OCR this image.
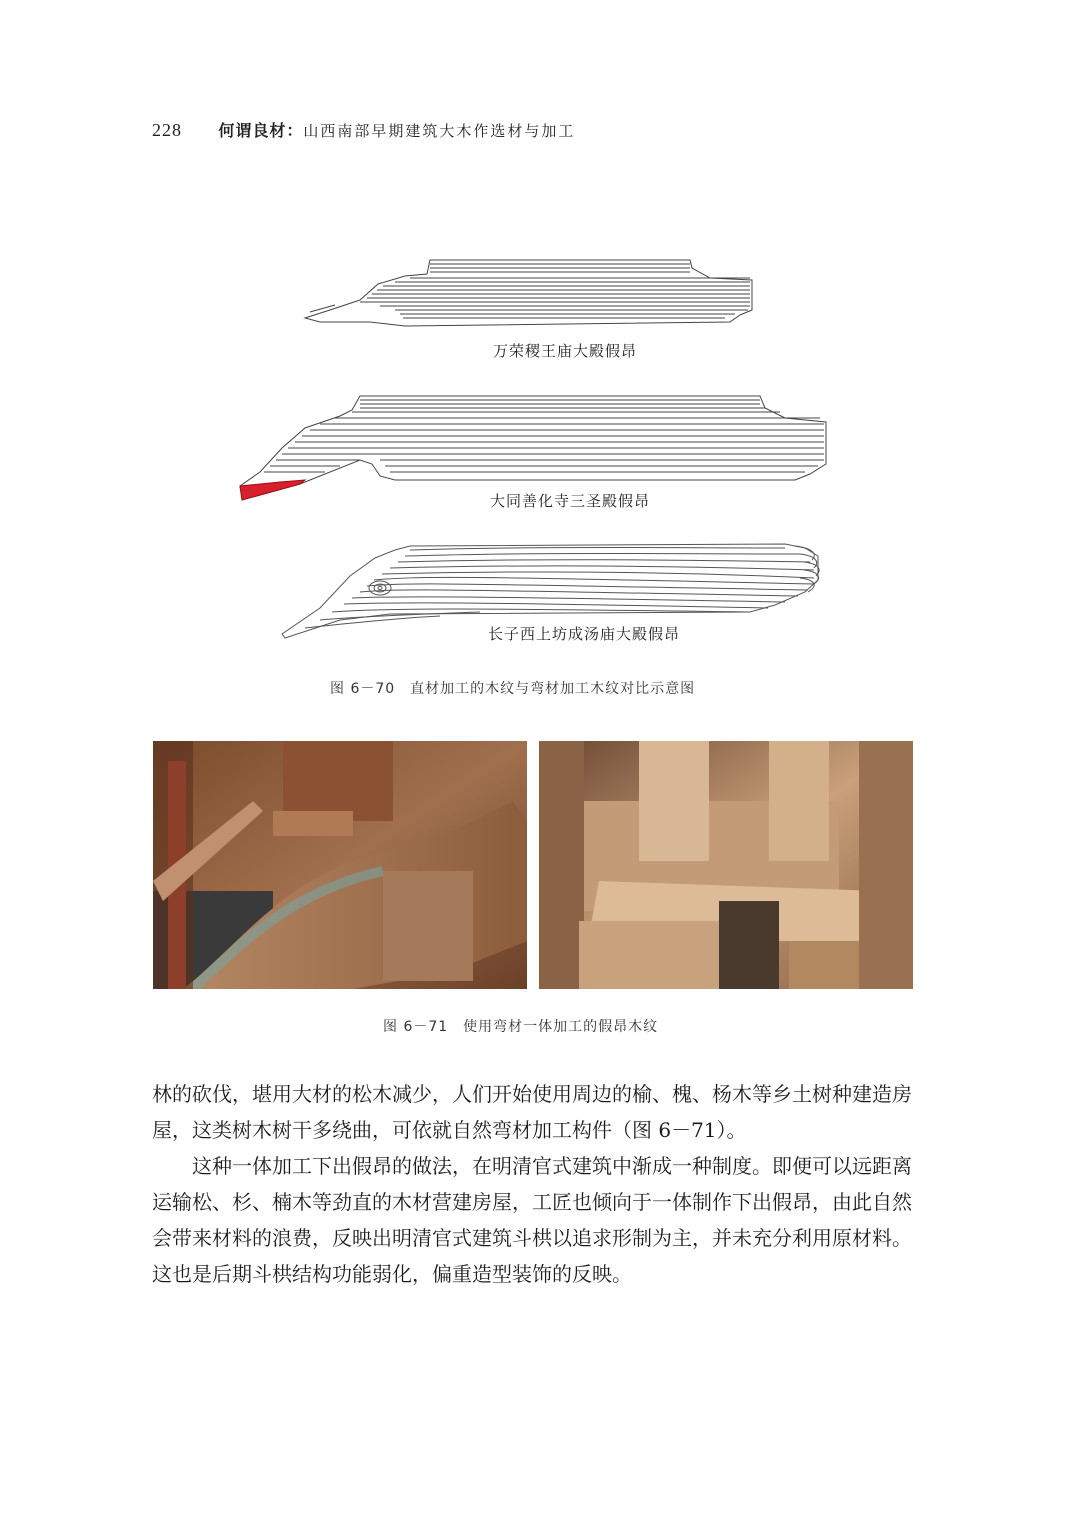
228 何谓良材：山西南部早期建筑大木作选材与加工
万荣稷王庙大殿假昂
大同善化寺三圣殿假昂
长子西上坊成汤庙大殿假昂
图 6－70　直材加工的木纹与弯材加工木纹对比示意图
图 6－71　使用弯材一体加工的假昂木纹

林的砍伐，堪用大材的松木减少，人们开始使用周边的榆、槐、杨木等乡土树种建造房屋，这类树木树干多绕曲，可依就自然弯材加工构件（图 6－71）。

这种一体加工下出假昂的做法，在明清官式建筑中渐成一种制度。即便可以远距离运输松、杉、楠木等劲直的木材营建房屋，工匠也倾向于一体制作下出假昂，由此自然会带来材料的浪费，反映出明清官式建筑斗栱以追求形制为主，并未充分利用原材料。这也是后期斗栱结构功能弱化，偏重造型装饰的反映。
